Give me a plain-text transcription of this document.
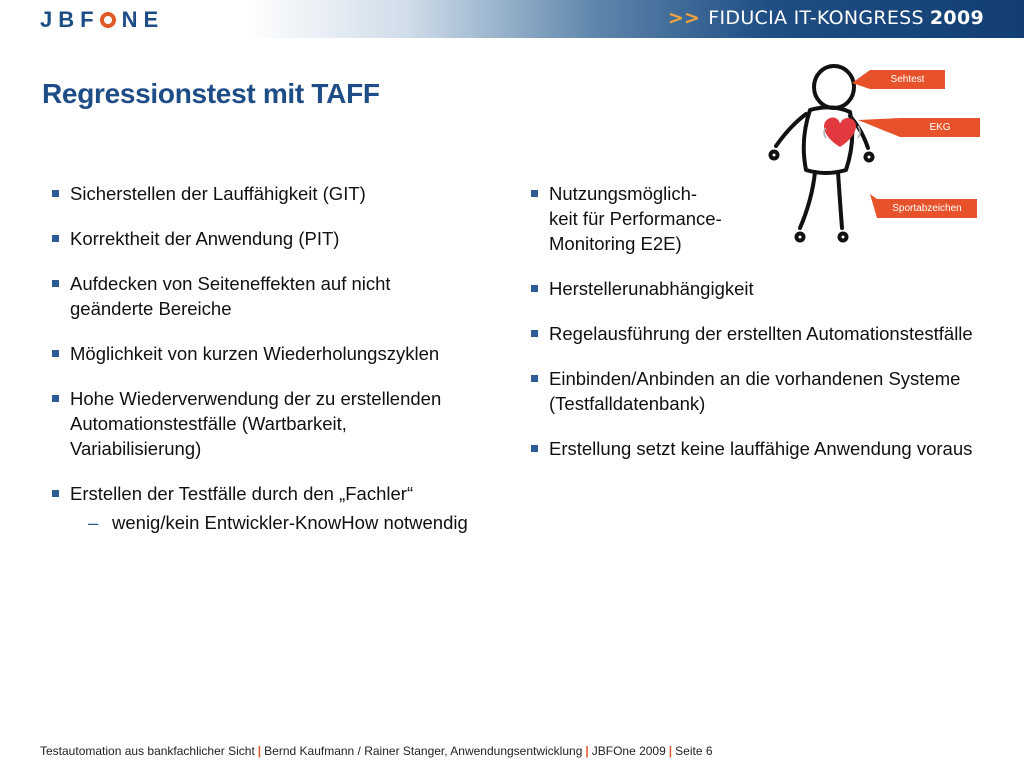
JBF NE	>> FIDUCIA IT-KONGRESS 2009
Regressionstest mit TAFF
Sicherstellen der Lauffähigkeit (GIT)
Korrektheit der Anwendung (PIT)
Aufdecken von Seiteneffekten auf nicht geänderte Bereiche
Möglichkeit von kurzen Wiederholungszyklen
Hohe Wiederverwendung der zu erstellenden Automationstestfälle (Wartbarkeit, Variabilisierung)
Erstellen der Testfälle durch den „Fachler“
– wenig/kein Entwickler-KnowHow notwendig
Nutzungsmöglich-
keit für Performance-
Monitoring E2E)
Herstellerunabhängigkeit
Regelausführung der erstellten Automationstestfälle
Einbinden/Anbinden an die vorhandenen Systeme (Testfalldatenbank)
Erstellung setzt keine lauffähige Anwendung voraus
Sehtest
EKG
Sportabzeichen
Testautomation aus bankfachlicher Sicht | Bernd Kaufmann / Rainer Stanger, Anwendungsentwicklung | JBFOne 2009 | Seite 6
